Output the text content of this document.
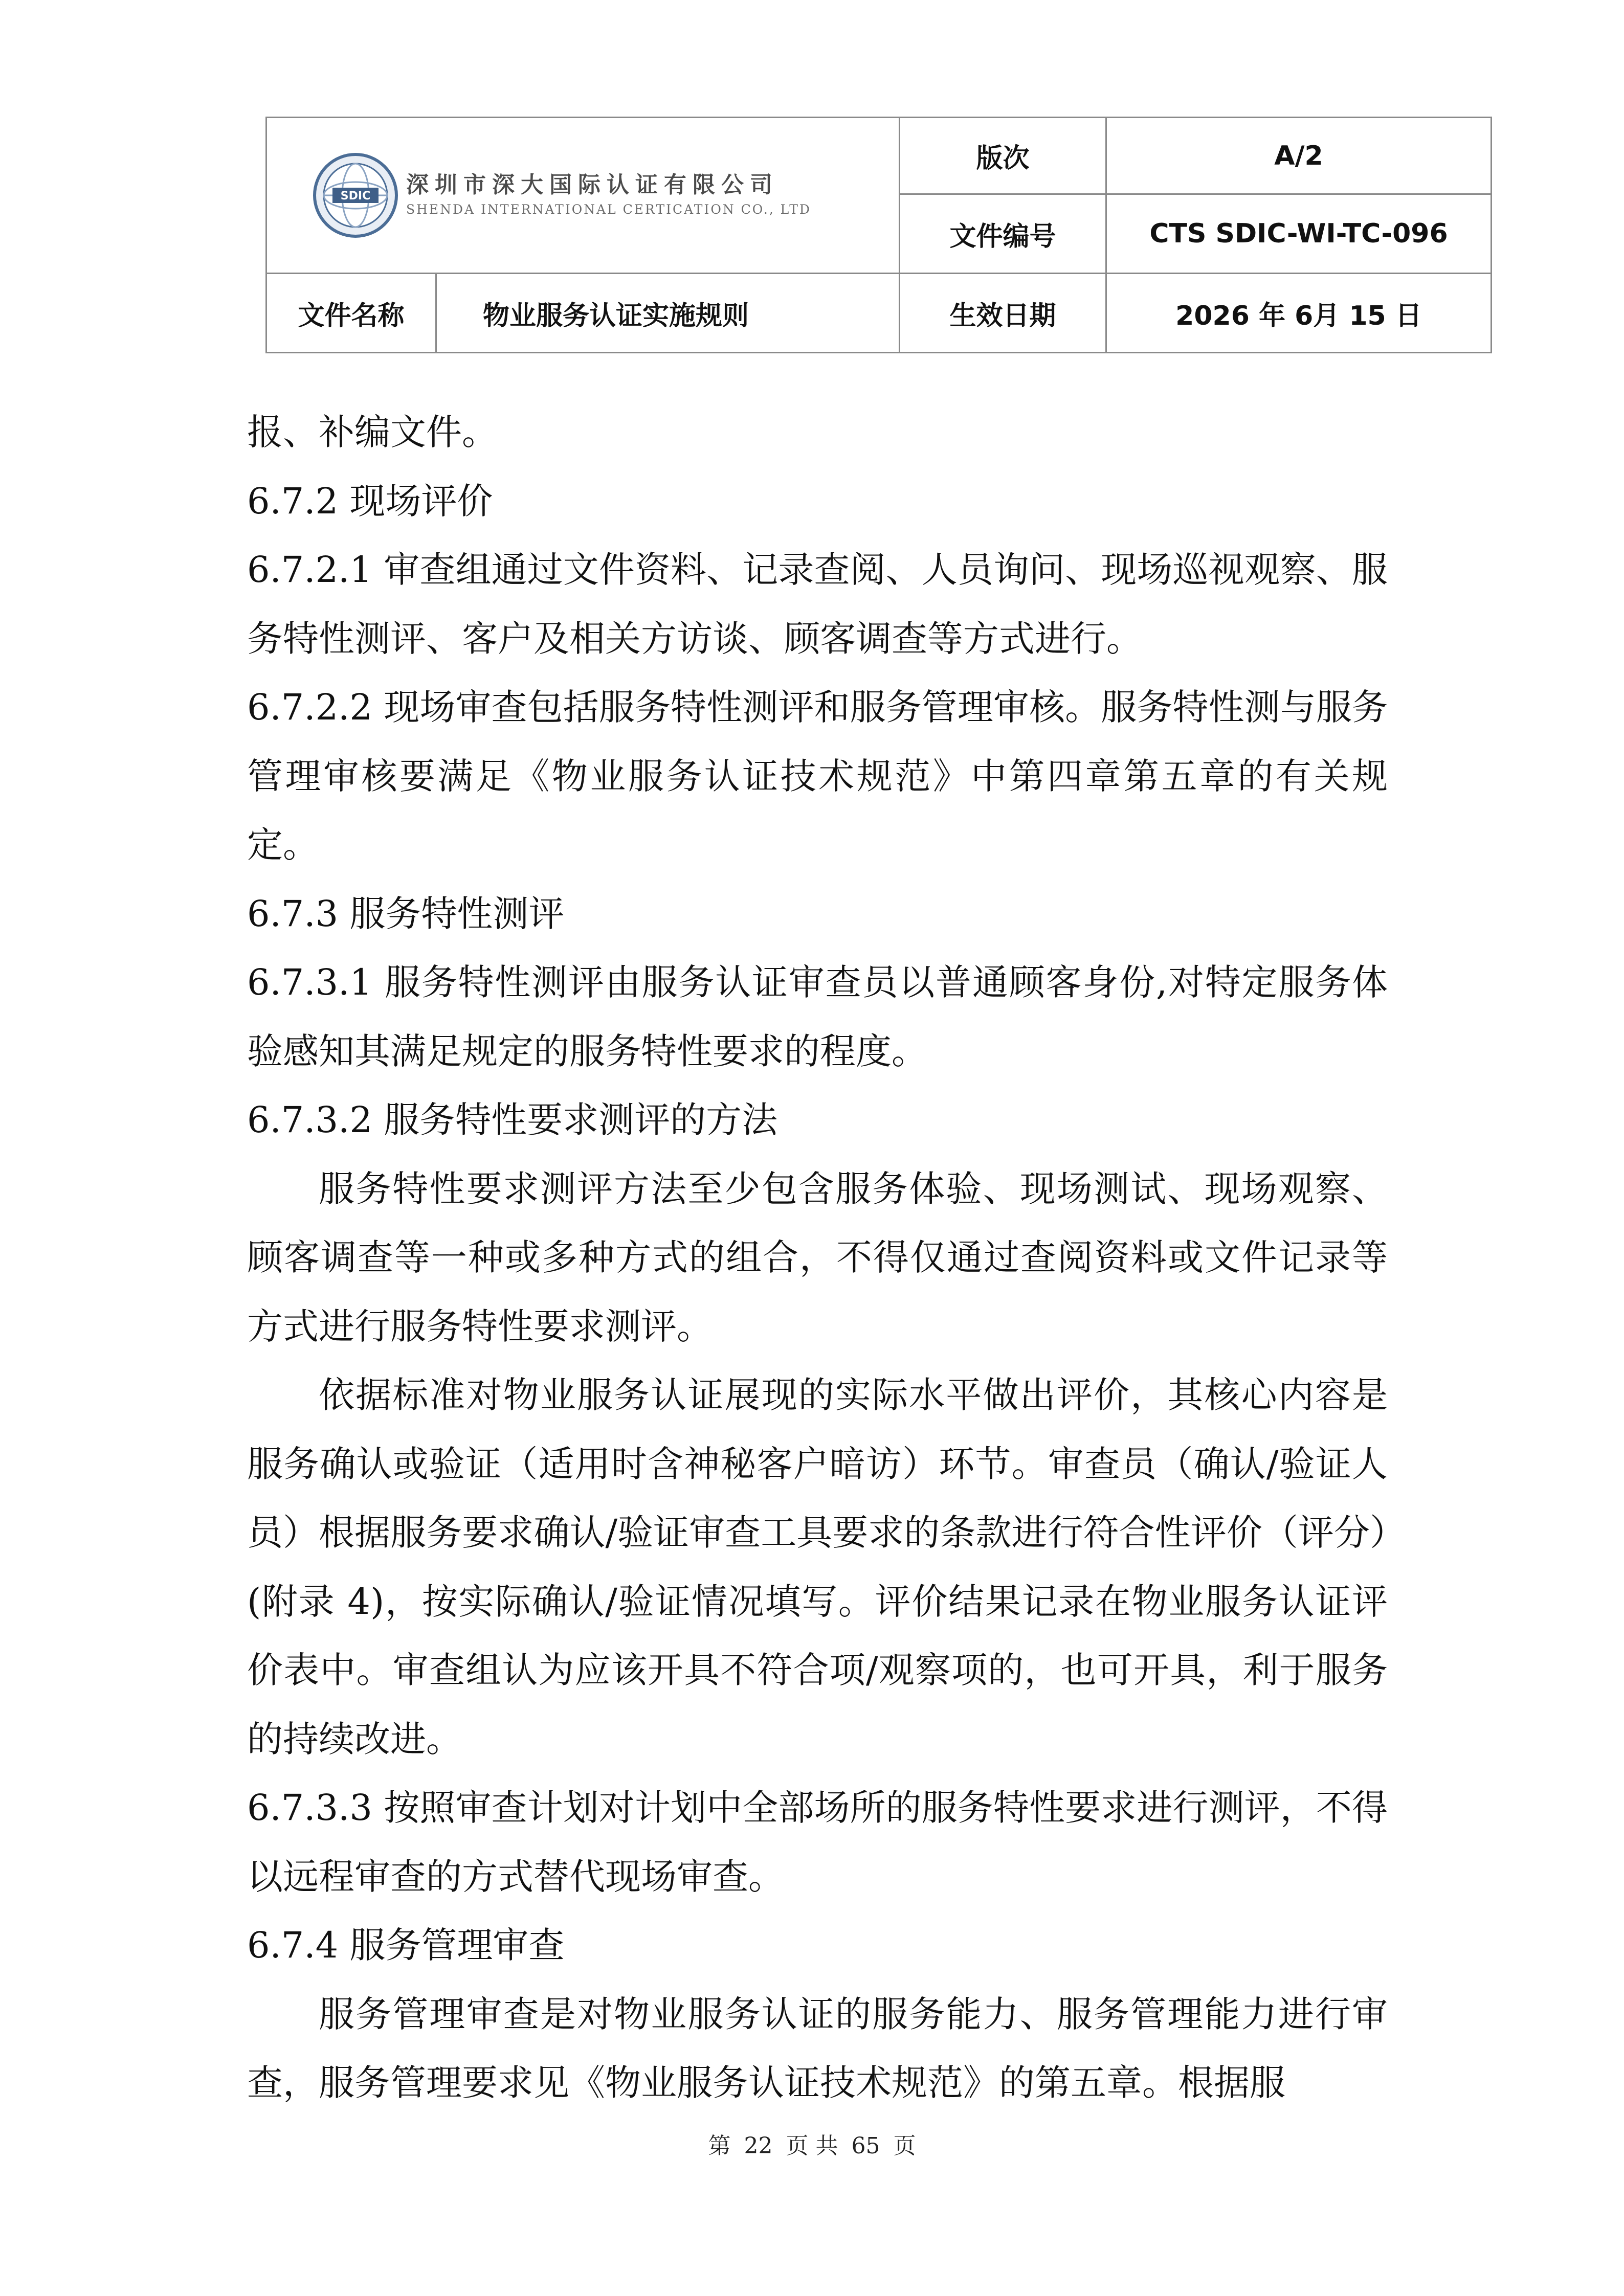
SDIC 深圳市深大国际认证有限公司
SHENDA INTERNATIONAL CERTICATION CO., LTD		版次	A/2
		文件编号	CTS SDIC-WI-TC-096
文件名称	物业服务认证实施规则	生效日期	2026 年 6月 15 日

报、补编文件。

6.7.2 现场评价

6.7.2.1 审查组通过文件资料、记录查阅、人员询问、现场巡视观察、服务特性测评、客户及相关方访谈、顾客调查等方式进行。

6.7.2.2 现场审查包括服务特性测评和服务管理审核。服务特性测与服务管理审核要满足《物业服务认证技术规范》中第四章第五章的有关规定。

6.7.3 服务特性测评

6.7.3.1 服务特性测评由服务认证审查员以普通顾客身份,对特定服务体验感知其满足规定的服务特性要求的程度。

6.7.3.2 服务特性要求测评的方法

服务特性要求测评方法至少包含服务体验、现场测试、现场观察、顾客调查等一种或多种方式的组合，不得仅通过查阅资料或文件记录等方式进行服务特性要求测评。

依据标准对物业服务认证展现的实际水平做出评价，其核心内容是服务确认或验证（适用时含神秘客户暗访）环节。审查员（确认/验证人员）根据服务要求确认/验证审查工具要求的条款进行符合性评价（评分）(附录 4)，按实际确认/验证情况填写。评价结果记录在物业服务认证评价表中。审查组认为应该开具不符合项/观察项的，也可开具，利于服务的持续改进。

6.7.3.3 按照审查计划对计划中全部场所的服务特性要求进行测评，不得以远程审查的方式替代现场审查。

6.7.4 服务管理审查

服务管理审查是对物业服务认证的服务能力、服务管理能力进行审查，服务管理要求见《物业服务认证技术规范》的第五章。根据服

第 22 页 共 65 页
